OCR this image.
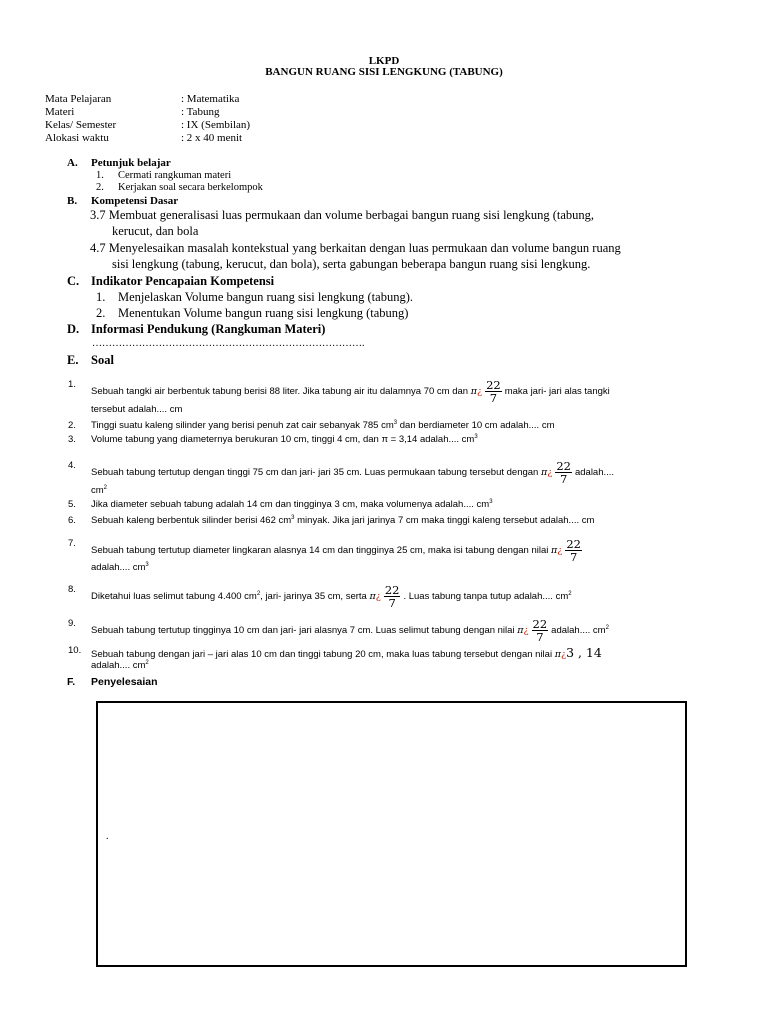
LKPD
BANGUN RUANG SISI LENGKUNG (TABUNG)
Mata Pelajaran	: Matematika
Materi	: Tabung
Kelas/ Semester	: IX (Sembilan)
Alokasi waktu	: 2 x 40 menit
A. Petunjuk belajar
1. Cermati rangkuman materi
2. Kerjakan soal secara berkelompok
B. Kompetensi Dasar
3.7 Membuat generalisasi luas permukaan dan volume berbagai bangun ruang sisi lengkung (tabung,
kerucut, dan bola
4.7 Menyelesaikan masalah kontekstual yang berkaitan dengan luas permukaan dan volume bangun ruang
sisi lengkung (tabung, kerucut, dan bola), serta gabungan beberapa bangun ruang sisi lengkung.
C. Indikator Pencapaian Kompetensi
1. Menjelaskan Volume bangun ruang sisi lengkung (tabung).
2. Menentukan Volume bangun ruang sisi lengkung (tabung)
D. Informasi Pendukung (Rangkuman Materi)
……………………………………………………………………….
E. Soal
1.
Sebuah tangki air berbentuk tabung berisi 88 liter. Jika tabung air itu dalamnya 70 cm dan π¿ $\frac{22}{7}$ maka jari- jari alas tangki
tersebut adalah.... cm
2. Tinggi suatu kaleng silinder yang berisi penuh zat cair sebanyak 785 $cm^3$ dan berdiameter 10 cm adalah.... cm
3. Volume tabung yang diameternya berukuran 10 cm, tinggi 4 cm, dan π = 3,14 adalah.... $cm^3$
4.
Sebuah tabung tertutup dengan tinggi 75 cm dan jari- jari 35 cm. Luas permukaan tabung tersebut dengan π¿ $\frac{22}{7}$ adalah....
$cm^2$
5. Jika diameter sebuah tabung adalah 14 cm dan tingginya 3 cm, maka volumenya adalah.... $cm^3$
6. Sebuah kaleng berbentuk silinder berisi 462 $cm^3$ minyak. Jika jari jarinya 7 cm maka tinggi kaleng tersebut adalah.... cm
7.
Sebuah tabung tertutup diameter lingkaran alasnya 14 cm dan tingginya 25 cm, maka isi tabung dengan nilai π¿ $\frac{22}{7}$
adalah.... $cm^3$
8.
Diketahui luas selimut tabung 4.400 $cm^2$, jari- jarinya 35 cm, serta π¿ $\frac{22}{7}$ . Luas tabung tanpa tutup adalah.... $cm^2$
9.
Sebuah tabung tertutup tingginya 10 cm dan jari- jari alasnya 7 cm. Luas selimut tabung dengan nilai π¿ $\frac{22}{7}$ adalah.... $cm^2$
10. Sebuah tabung dengan jari – jari alas 10 cm dan tinggi tabung 20 cm, maka luas tabung tersebut dengan nilai π¿3 , 14
adalah.... $cm^2$
F. Penyelesaian
.
